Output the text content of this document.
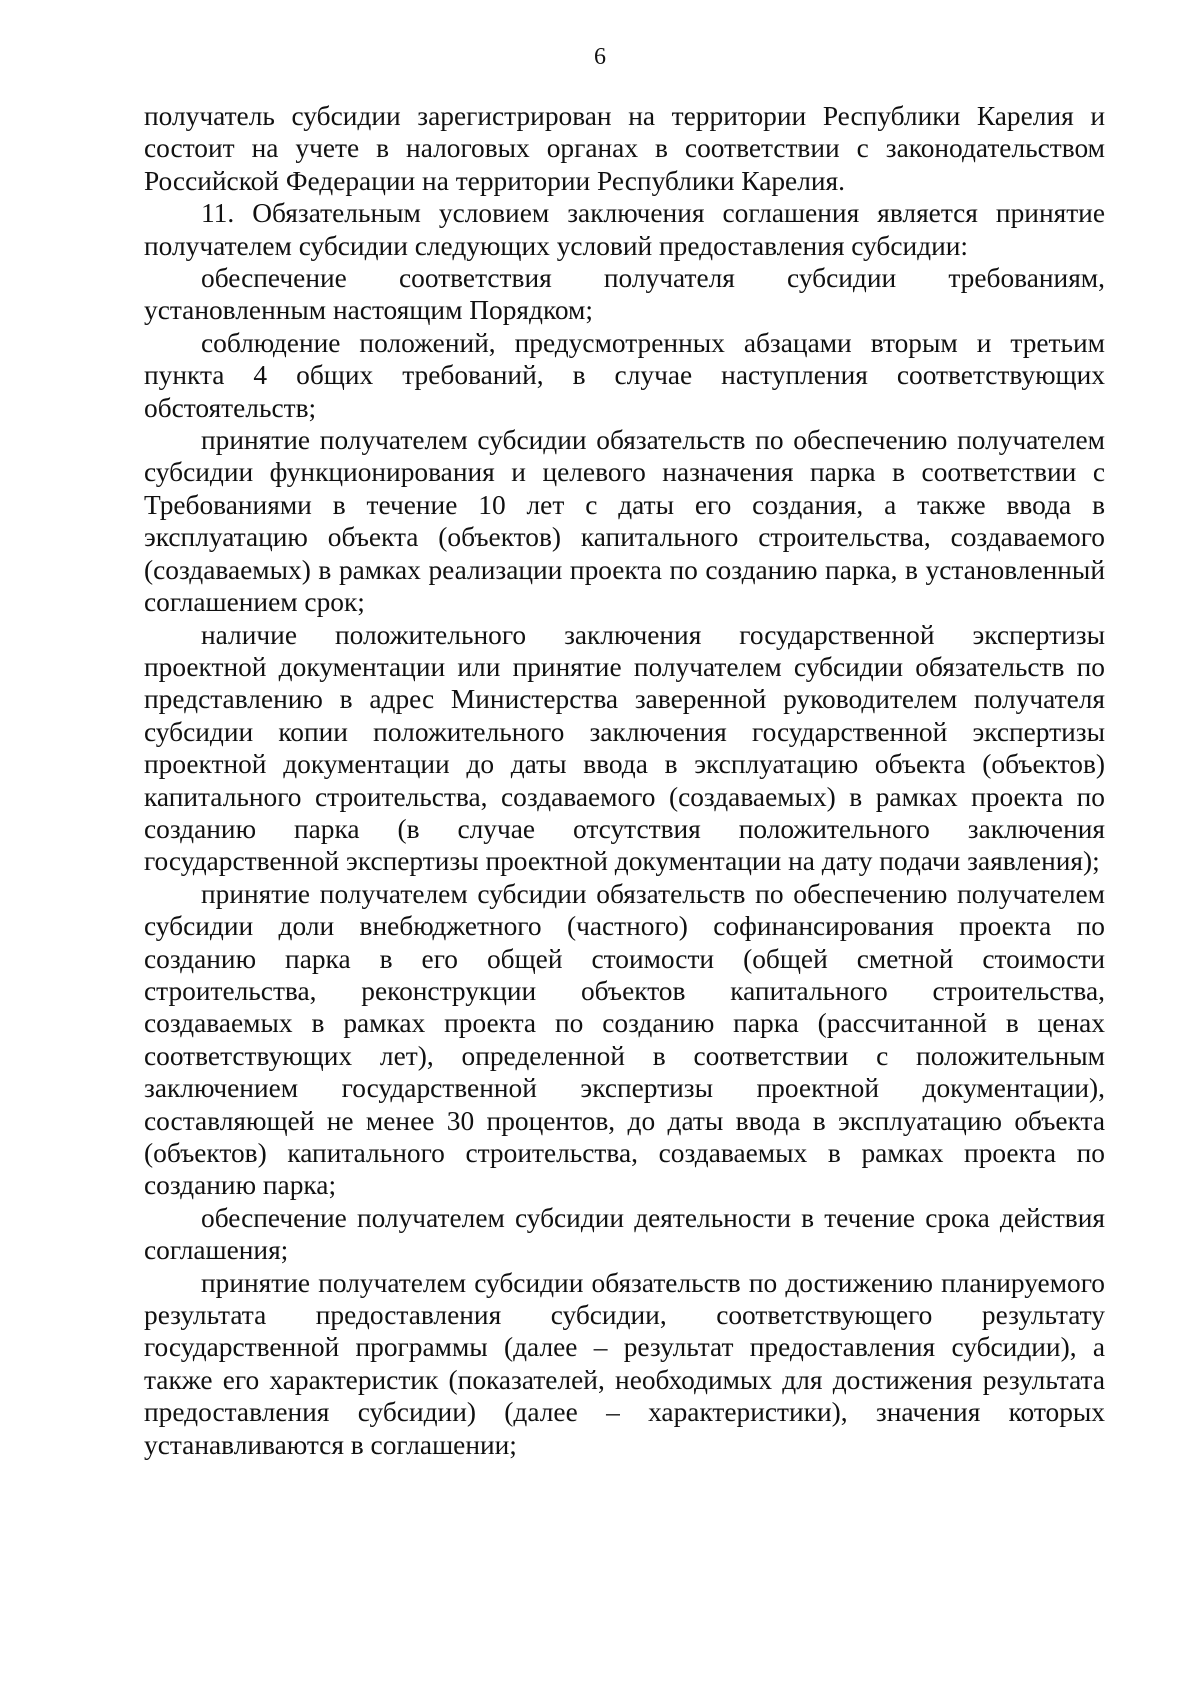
6

получатель субсидии зарегистрирован на территории Республики Карелия и состоит на учете в налоговых органах в соответствии с законодательством Российской Федерации на территории Республики Карелия.

11. Обязательным условием заключения соглашения является принятие получателем субсидии следующих условий предоставления субсидии:

обеспечение соответствия получателя субсидии требованиям, установленным настоящим Порядком;

соблюдение положений, предусмотренных абзацами вторым и третьим пункта 4 общих требований, в случае наступления соответствующих обстоятельств;

принятие получателем субсидии обязательств по обеспечению получателем субсидии функционирования и целевого назначения парка в соответствии с Требованиями в течение 10 лет с даты его создания, а также ввода в эксплуатацию объекта (объектов) капитального строительства, создаваемого (создаваемых) в рамках реализации проекта по созданию парка, в установленный соглашением срок;

наличие положительного заключения государственной экспертизы проектной документации или принятие получателем субсидии обязательств по представлению в адрес Министерства заверенной руководителем получателя субсидии копии положительного заключения государственной экспертизы проектной документации до даты ввода в эксплуатацию объекта (объектов) капитального строительства, создаваемого (создаваемых) в рамках проекта по созданию парка (в случае отсутствия положительного заключения государственной экспертизы проектной документации на дату подачи заявления);

принятие получателем субсидии обязательств по обеспечению получателем субсидии доли внебюджетного (частного) софинансирования проекта по созданию парка в его общей стоимости (общей сметной стоимости строительства, реконструкции объектов капитального строительства, создаваемых в рамках проекта по созданию парка (рассчитанной в ценах соответствующих лет), определенной в соответствии с положительным заключением государственной экспертизы проектной документации), составляющей не менее 30 процентов, до даты ввода в эксплуатацию объекта (объектов) капитального строительства, создаваемых в рамках проекта по созданию парка;

обеспечение получателем субсидии деятельности в течение срока действия соглашения;

принятие получателем субсидии обязательств по достижению планируемого результата предоставления субсидии, соответствующего результату государственной программы (далее – результат предоставления субсидии), а также его характеристик (показателей, необходимых для достижения результата предоставления субсидии) (далее – характеристики), значения которых устанавливаются в соглашении;
